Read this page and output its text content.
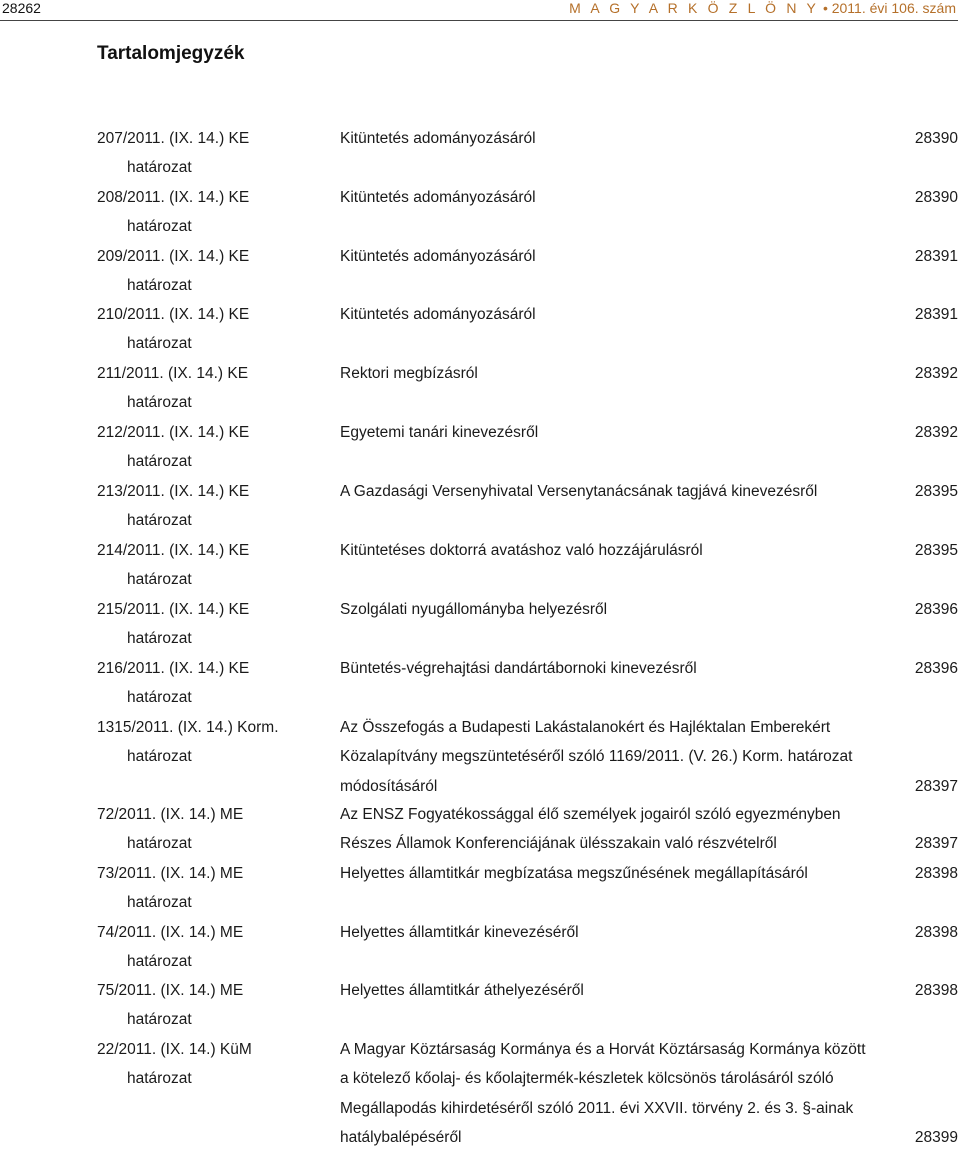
28262	M A G Y A R K Ö Z L Ö N Y • 2011. évi 106. szám
Tartalomjegyzék
207/2011. (IX. 14.) KE
határozat
Kitüntetés adományozásáról	28390
208/2011. (IX. 14.) KE
határozat
Kitüntetés adományozásáról	28390
209/2011. (IX. 14.) KE
határozat
Kitüntetés adományozásáról	28391
210/2011. (IX. 14.) KE
határozat
Kitüntetés adományozásáról	28391
211/2011. (IX. 14.) KE
határozat
Rektori megbízásról	28392
212/2011. (IX. 14.) KE
határozat
Egyetemi tanári kinevezésről	28392
213/2011. (IX. 14.) KE
határozat
A Gazdasági Versenyhivatal Versenytanácsának tagjává kinevezésről	28395
214/2011. (IX. 14.) KE
határozat
Kitüntetéses doktorrá avatáshoz való hozzájárulásról	28395
215/2011. (IX. 14.) KE
határozat
Szolgálati nyugállományba helyezésről	28396
216/2011. (IX. 14.) KE
határozat
Büntetés-végrehajtási dandártábornoki kinevezésről	28396
1315/2011. (IX. 14.) Korm.
határozat
Az Összefogás a Budapesti Lakástalanokért és Hajléktalan Emberekért
Közalapítvány megszüntetéséről szóló 1169/2011. (V. 26.) Korm. határozat
módosításáról	28397
72/2011. (IX. 14.) ME
határozat
Az ENSZ Fogyatékossággal élő személyek jogairól szóló egyezményben
Részes Államok Konferenciájának ülésszakain való részvételről	28397
73/2011. (IX. 14.) ME
határozat
Helyettes államtitkár megbízatása megszűnésének megállapításáról	28398
74/2011. (IX. 14.) ME
határozat
Helyettes államtitkár kinevezéséről	28398
75/2011. (IX. 14.) ME
határozat
Helyettes államtitkár áthelyezéséről	28398
22/2011. (IX. 14.) KüM
határozat
A Magyar Köztársaság Kormánya és a Horvát Köztársaság Kormánya között
a kötelező kőolaj- és kőolajtermék-készletek kölcsönös tárolásáról szóló
Megállapodás kihirdetéséről szóló 2011. évi XXVII. törvény 2. és 3. §-ainak
hatálybalépéséről	28399
